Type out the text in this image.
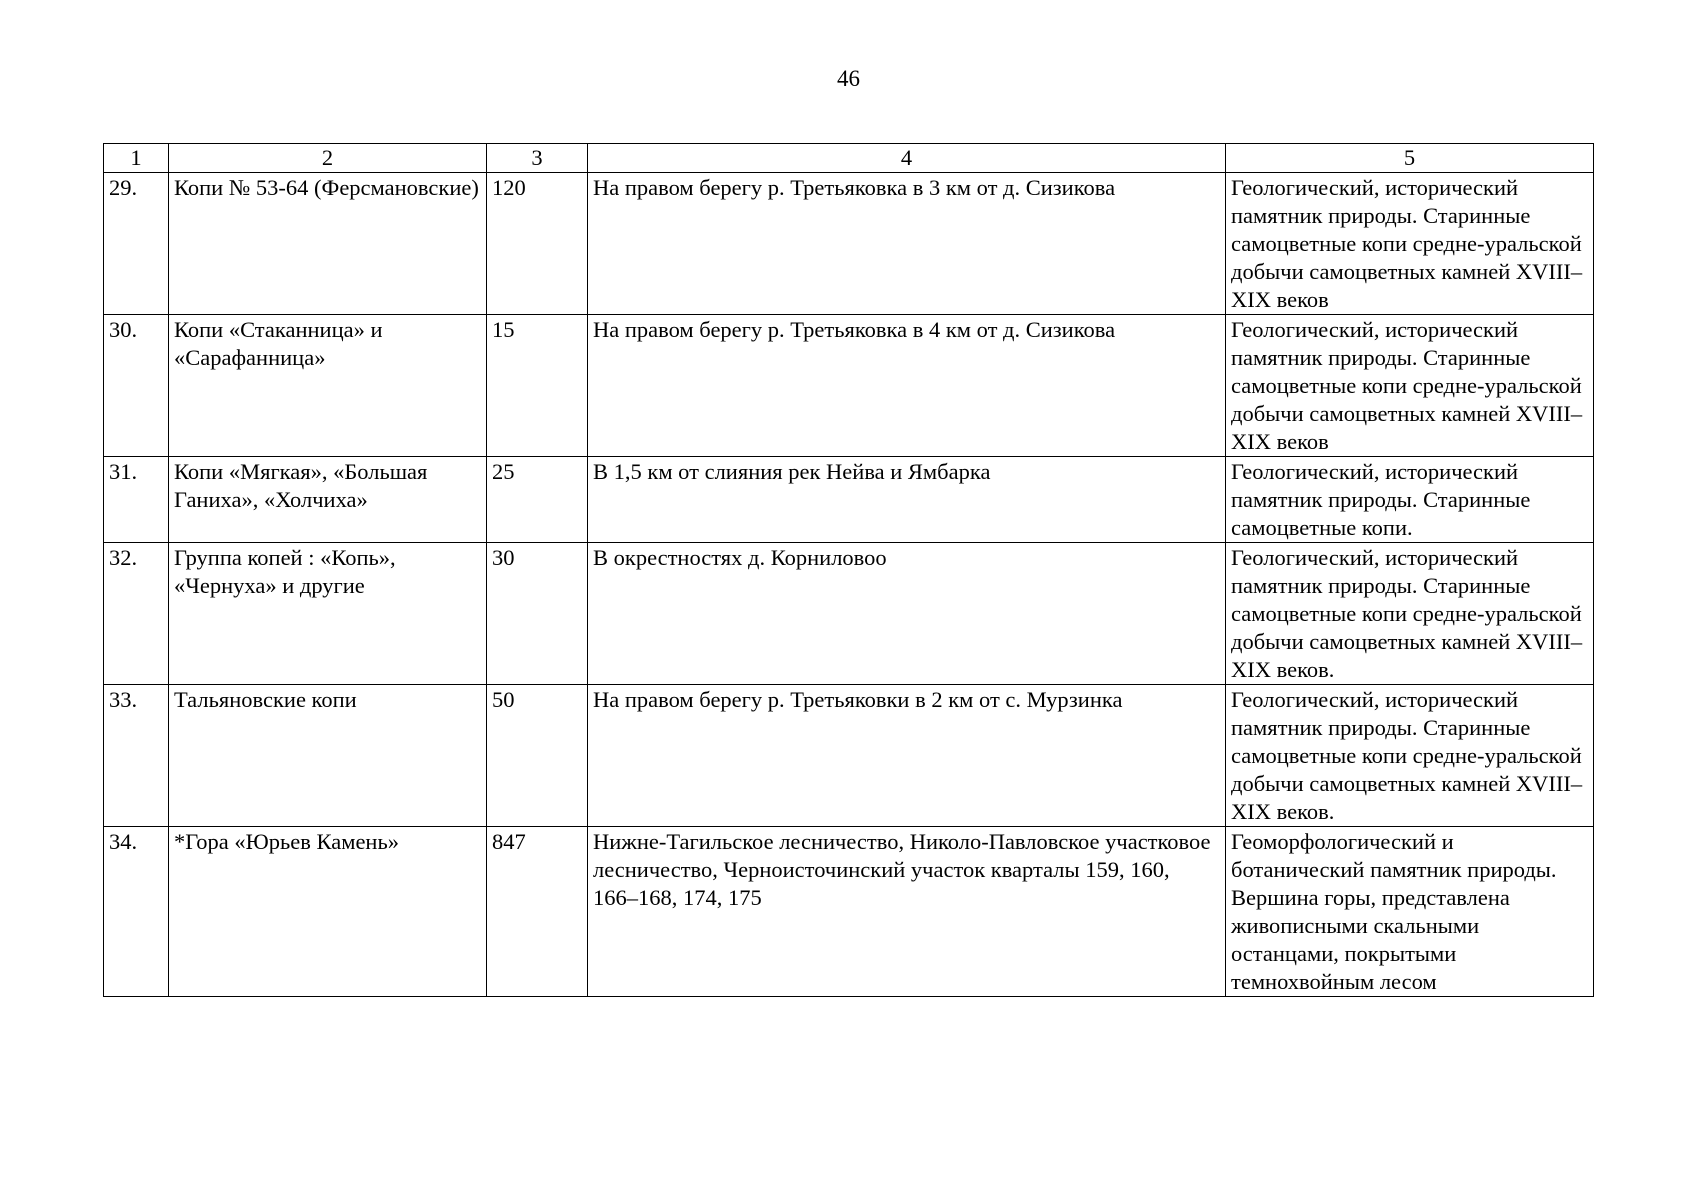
46
1	2	3	4	5
29.	Копи № 53-64 (Ферсмановские)	120	На правом берегу р. Третьяковка в 3 км от д. Сизикова	Геологический, исторический памятник природы. Старинные самоцветные копи средне-уральской добычи самоцветных камней XVIII–XIX веков
30.	Копи «Стаканница» и «Сарафанница»	15	На правом берегу р. Третьяковка в 4 км от д. Сизикова	Геологический, исторический памятник природы. Старинные самоцветные копи средне-уральской добычи самоцветных камней XVIII–XIX веков
31.	Копи «Мягкая», «Большая Ганиха», «Холчиха»	25	В 1,5 км от слияния рек Нейва и Ямбарка	Геологический, исторический памятник природы. Старинные самоцветные копи.
32.	Группа копей : «Копь», «Чернуха» и другие	30	В окрестностях д. Корниловоо	Геологический, исторический памятник природы. Старинные самоцветные копи средне-уральской добычи самоцветных камней XVIII–XIX веков.
33.	Тальяновские копи	50	На правом берегу р. Третьяковки в 2 км от с. Мурзинка	Геологический, исторический памятник природы. Старинные самоцветные копи средне-уральской добычи самоцветных камней XVIII–XIX веков.
34.	*Гора «Юрьев Камень»	847	Нижне-Тагильское лесничество, Николо-Павловское участковое лесничество, Черноисточинский участок кварталы 159, 160, 166–168, 174, 175	Геоморфологический и ботанический памятник природы. Вершина горы, представлена живописными скальными останцами, покрытыми темнохвойным лесом
